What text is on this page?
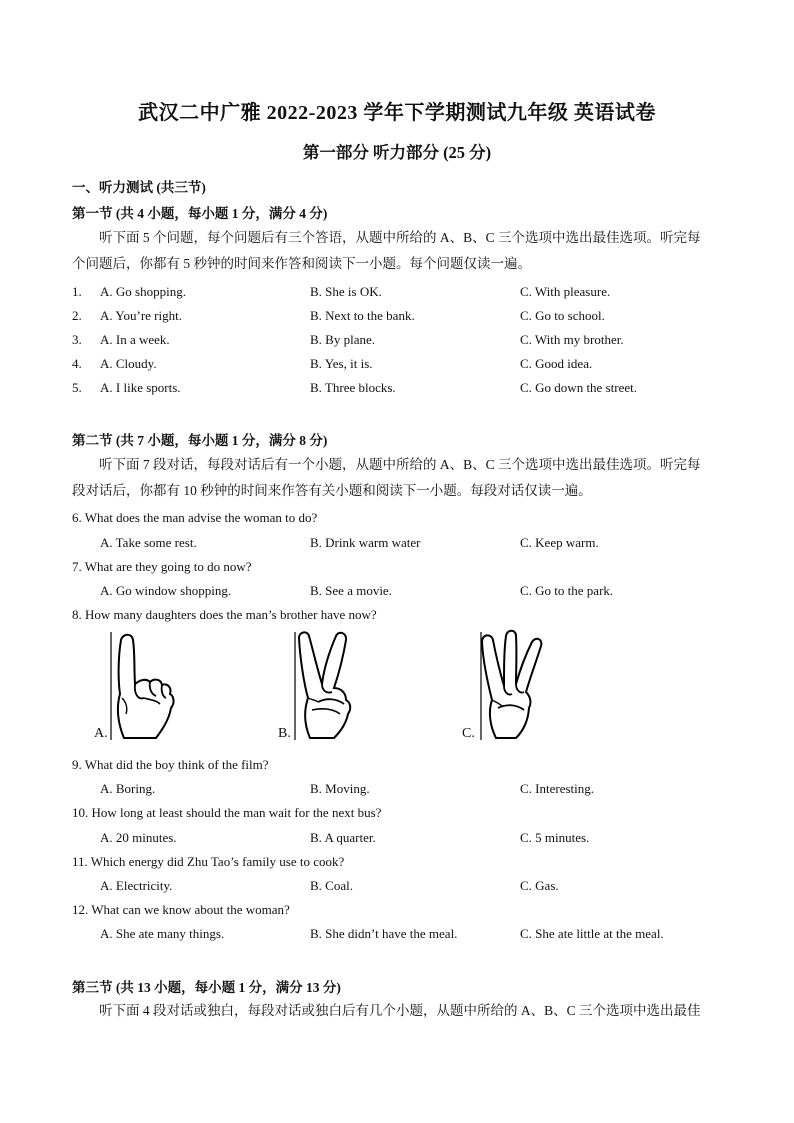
武汉二中广雅 2022-2023 学年下学期测试九年级 英语试卷
第一部分 听力部分 (25 分)
一、听力测试 (共三节)
第一节 (共 4 小题，每小题 1 分，满分 4 分)
听下面 5 个问题，每个问题后有三个答语，从题中所给的 A、B、C 三个选项中选出最佳选项。听完每
个问题后，你都有 5 秒钟的时间来作答和阅读下一小题。每个问题仅读一遍。
1. A. Go shopping.	B. She is OK.	C. With pleasure.
2. A. You’re right.	B. Next to the bank.	C. Go to school.
3. A. In a week.	B. By plane.	C. With my brother.
4. A. Cloudy.	B. Yes, it is.	C. Good idea.
5. A. I like sports.	B. Three blocks.	C. Go down the street.
第二节 (共 7 小题，每小题 1 分，满分 8 分)
听下面 7 段对话，每段对话后有一个小题，从题中所给的 A、B、C 三个选项中选出最佳选项。听完每
段对话后，你都有 10 秒钟的时间来作答有关小题和阅读下一小题。每段对话仅读一遍。
6. What does the man advise the woman to do?
A. Take some rest.	B. Drink warm water	C. Keep warm.
7. What are they going to do now?
A. Go window shopping.	B. See a movie.	C. Go to the park.
8. How many daughters does the man’s brother have now?
A.	B.	C.
9. What did the boy think of the film?
A. Boring.	B. Moving.	C. Interesting.
10. How long at least should the man wait for the next bus?
A. 20 minutes.	B. A quarter.	C. 5 minutes.
11. Which energy did Zhu Tao’s family use to cook?
A. Electricity.	B. Coal.	C. Gas.
12. What can we know about the woman?
A. She ate many things.	B. She didn’t have the meal.	C. She ate little at the meal.
第三节 (共 13 小题，每小题 1 分，满分 13 分)
听下面 4 段对话或独白，每段对话或独白后有几个小题，从题中所给的 A、B、C 三个选项中选出最佳
